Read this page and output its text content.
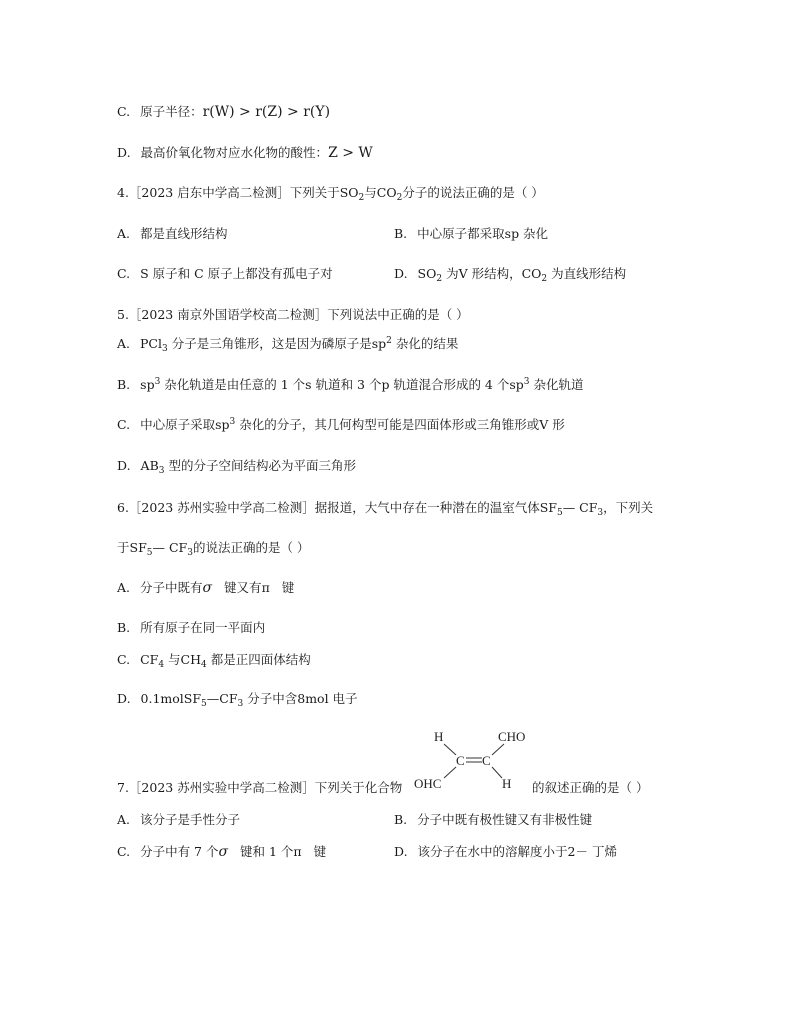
C. 原子半径：r(W) > r(Z) > r(Y)
D. 最高价氧化物对应水化物的酸性：Z > W
4.［2023 启东中学高二检测］下列关于$SO_2$与$CO_2$分子的说法正确的是（ ）
A. 都是直线形结构	B. 中心原子都采取sp 杂化
C. S 原子和 C 原子上都没有孤电子对	D. $SO_2$ 为V 形结构，$CO_2$ 为直线形结构
5.［2023 南京外国语学校高二检测］下列说法中正确的是（ ）
A. PCl$_3$ 分子是三角锥形，这是因为磷原子是$sp^2$ 杂化的结果
B. $sp^3$ 杂化轨道是由任意的 1 个s 轨道和 3 个p 轨道混合形成的 4 个$sp^3$ 杂化轨道
C. 中心原子采取$sp^3$ 杂化的分子，其几何构型可能是四面体形或三角锥形或V 形
D. $AB_3$ 型的分子空间结构必为平面三角形
6.［2023 苏州实验中学高二检测］据报道，大气中存在一种潜在的温室气体$SF_5—$ $CF_3$，下列关
于$SF_5—$ $CF_3$的说法正确的是（ ）
A. 分子中既有σ 键又有π 键
B. 所有原子在同一平面内
C. $CF_4$ 与$CH_4$ 都是正四面体结构
D. $0.1molSF_5—CF_3$ 分子中含8mol 电子
H	CHO
C C
OHC	H
7.［2023 苏州实验中学高二检测］下列关于化合物	的叙述正确的是（ ）
A. 该分子是手性分子	B. 分子中既有极性键又有非极性键
C. 分子中有 7 个σ 键和 1 个π 键	D. 该分子在水中的溶解度小于2－ 丁烯
